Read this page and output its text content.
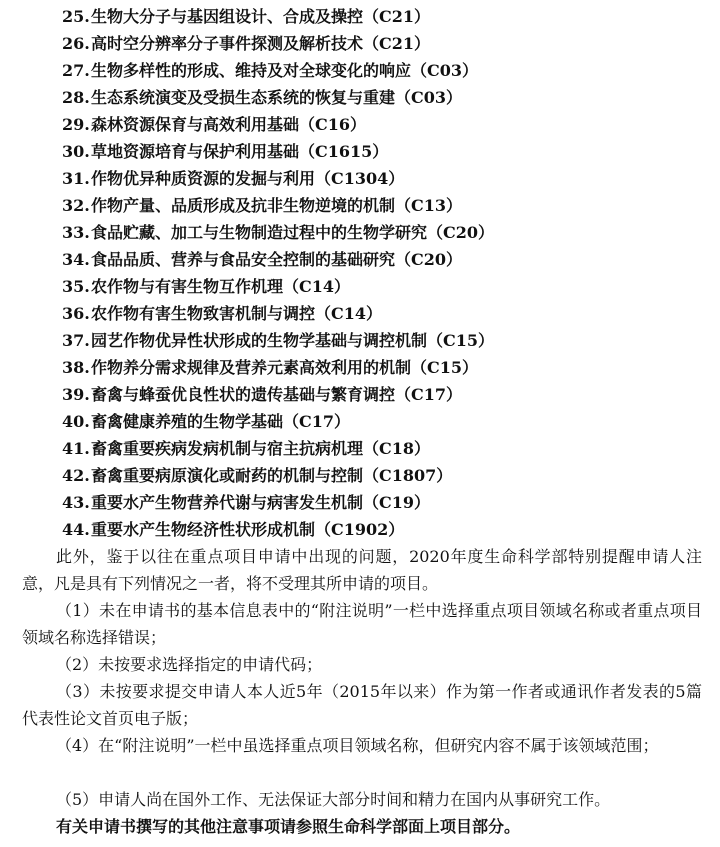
25.生物大分子与基因组设计、合成及操控（C21）
26.高时空分辨率分子事件探测及解析技术（C21）
27.生物多样性的形成、维持及对全球变化的响应（C03）
28.生态系统演变及受损生态系统的恢复与重建（C03）
29.森林资源保育与高效利用基础（C16）
30.草地资源培育与保护利用基础（C1615）
31.作物优异种质资源的发掘与利用（C1304）
32.作物产量、品质形成及抗非生物逆境的机制（C13）
33.食品贮藏、加工与生物制造过程中的生物学研究（C20）
34.食品品质、营养与食品安全控制的基础研究（C20）
35.农作物与有害生物互作机理（C14）
36.农作物有害生物致害机制与调控（C14）
37.园艺作物优异性状形成的生物学基础与调控机制（C15）
38.作物养分需求规律及营养元素高效利用的机制（C15）
39.畜禽与蜂蚕优良性状的遗传基础与繁育调控（C17）
40.畜禽健康养殖的生物学基础（C17）
41.畜禽重要疾病发病机制与宿主抗病机理（C18）
42.畜禽重要病原演化或耐药的机制与控制（C1807）
43.重要水产生物营养代谢与病害发生机制（C19）
44.重要水产生物经济性状形成机制（C1902）
此外，鉴于以往在重点项目申请中出现的问题，2020年度生命科学部特别提醒申请人注意，凡是具有下列情况之一者，将不受理其所申请的项目。
（1）未在申请书的基本信息表中的“附注说明”一栏中选择重点项目领域名称或者重点项目领域名称选择错误；
（2）未按要求选择指定的申请代码；
（3）未按要求提交申请人本人近5年（2015年以来）作为第一作者或通讯作者发表的5篇代表性论文首页电子版；
（4）在“附注说明”一栏中虽选择重点项目领域名称，但研究内容不属于该领域范围；
（5）申请人尚在国外工作、无法保证大部分时间和精力在国内从事研究工作。
有关申请书撰写的其他注意事项请参照生命科学部面上项目部分。
